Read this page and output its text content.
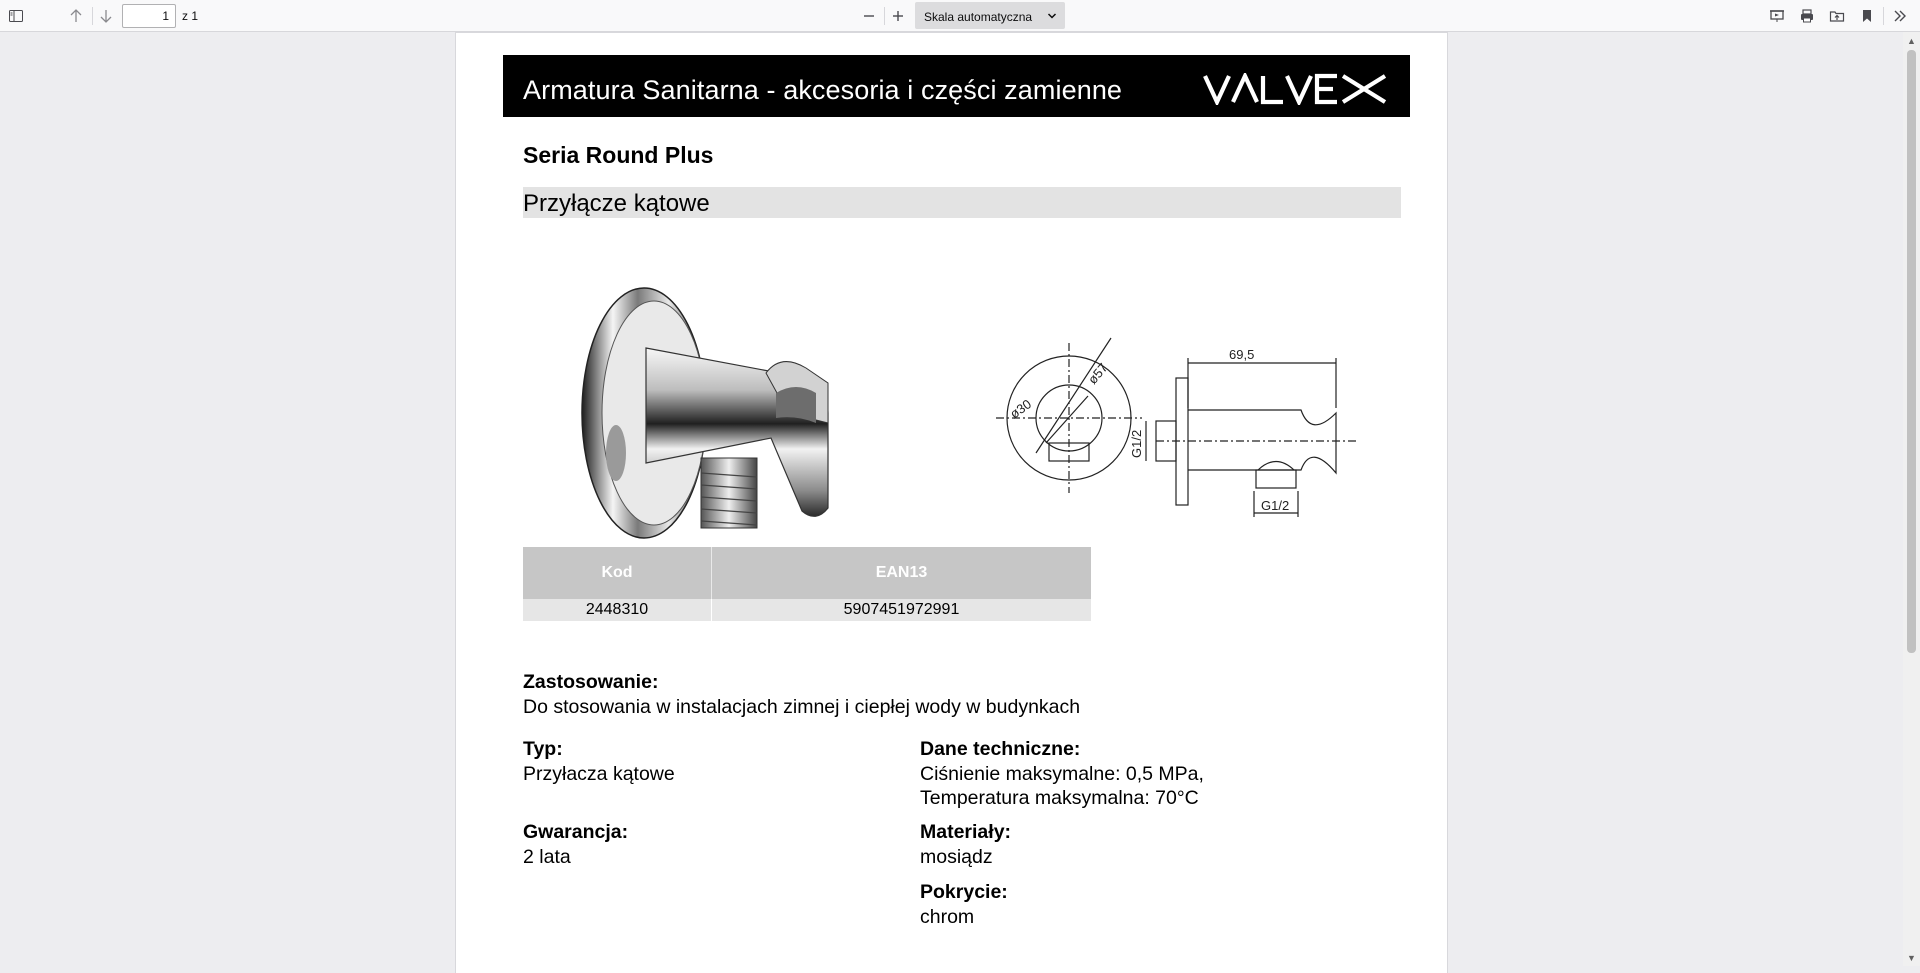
1
z 1	Skala automatyczna
▲
▼
Armatura Sanitarna - akcesoria i części zamienne
Seria Round Plus
Przyłącze kątowe
69,5
ø57
ø30
G1/2
G1/2
Kod	EAN13
2448310	5907451972991
Zastosowanie:
Do stosowania w instalacjach zimnej i ciepłej wody w budynkach
Typ:
Przyłacza kątowe
Dane techniczne:
Ciśnienie maksymalne: 0,5 MPa,
Temperatura maksymalna: 70°C
Gwarancja:
2 lata
Materiały:
mosiądz
Pokrycie:
chrom
